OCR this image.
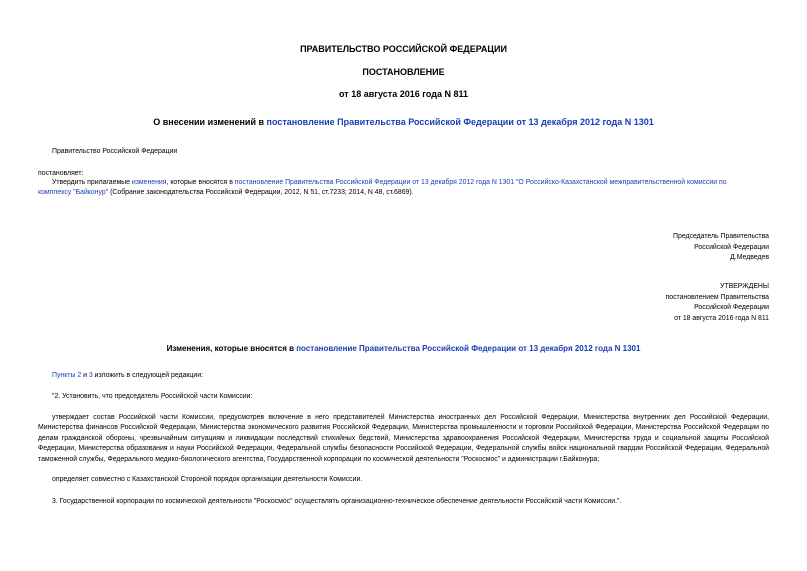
ПРАВИТЕЛЬСТВО РОССИЙСКОЙ ФЕДЕРАЦИИ
ПОСТАНОВЛЕНИЕ
от 18 августа 2016 года N 811
О внесении изменений в постановление Правительства Российской Федерации от 13 декабря 2012 года N 1301
Правительство Российской Федерации
постановляет:
Утвердить прилагаемые изменения, которые вносятся в постановление Правительства Российской Федерации от 13 декабря 2012 года N 1301 "О Российско-Казахстанской межправительственной комиссии по
комплексу "Байконур" (Собрание законодательства Российской Федерации, 2012, N 51, ст.7233; 2014, N 48, ст.6869).
Председатель Правительства
Российской Федерации
Д.Медведев
УТВЕРЖДЕНЫ
постановлением Правительства
Российской Федерации
от 18 августа 2016 года N 811
Изменения, которые вносятся в постановление Правительства Российской Федерации от 13 декабря 2012 года N 1301
Пункты 2 и 3 изложить в следующей редакции:
"2. Установить, что председатель Российской части Комиссии:
утверждает состав Российской части Комиссии, предусмотрев включение в него представителей Министерства иностранных дел Российской Федерации, Министерства внутренних дел Российской Федерации, Министерства финансов Российской Федерации, Министерства экономического развития Российской Федерации, Министерства промышленности и торговли Российской Федерации, Министерства Российской Федерации по делам гражданской обороны, чрезвычайным ситуациям и ликвидации последствий стихийных бедствий, Министерства здравоохранения Российской Федерации, Министерства труда и социальной защиты Российской Федерации, Министерства образования и науки Российской Федерации, Федеральной службы безопасности Российской Федерации, Федеральной службы войск национальной гвардии Российской Федерации, Федеральной таможенной службы, Федерального медико-биологического агентства, Государственной корпорации по космической деятельности "Роскосмос" и администрации г.Байконура;
определяет совместно с Казахстанской Стороной порядок организации деятельности Комиссии.
3. Государственной корпорации по космической деятельности "Роскосмос" осуществлять организационно-техническое обеспечение деятельности Российской части Комиссии.".
